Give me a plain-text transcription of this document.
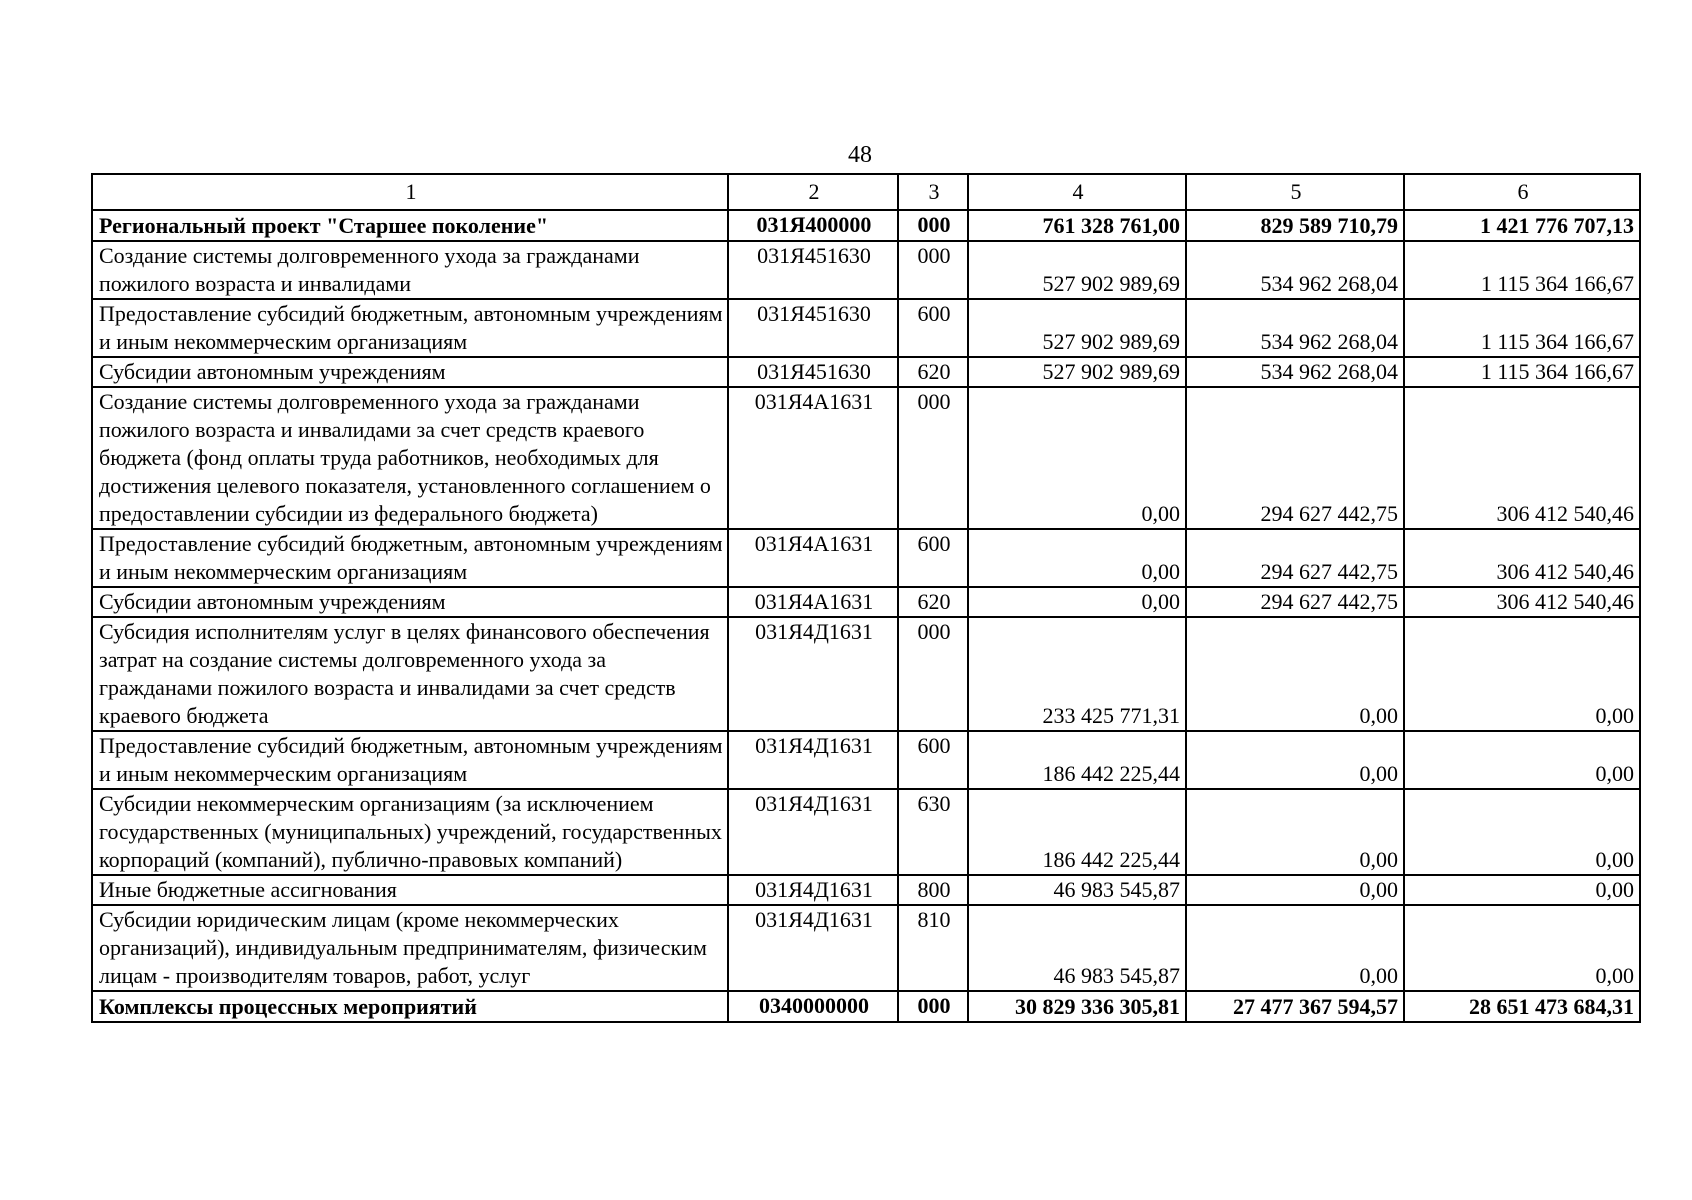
48
1	2	3	4	5	6
Региональный проект "Старшее поколение"	031Я400000	000	761 328 761,00	829 589 710,79	1 421 776 707,13
Создание системы долговременного ухода за гражданами пожилого возраста и инвалидами	031Я451630	000	527 902 989,69	534 962 268,04	1 115 364 166,67
Предоставление субсидий бюджетным, автономным учреждениям и иным некоммерческим организациям	031Я451630	600	527 902 989,69	534 962 268,04	1 115 364 166,67
Субсидии автономным учреждениям	031Я451630	620	527 902 989,69	534 962 268,04	1 115 364 166,67
Создание системы долговременного ухода за гражданами пожилого возраста и инвалидами за счет средств краевого бюджета (фонд оплаты труда работников, необходимых для достижения целевого показателя, установленного соглашением о предоставлении субсидии из федерального бюджета)	031Я4А1631	000	0,00	294 627 442,75	306 412 540,46
Предоставление субсидий бюджетным, автономным учреждениям и иным некоммерческим организациям	031Я4А1631	600	0,00	294 627 442,75	306 412 540,46
Субсидии автономным учреждениям	031Я4А1631	620	0,00	294 627 442,75	306 412 540,46
Субсидия исполнителям услуг в целях финансового обеспечения затрат на создание системы долговременного ухода за гражданами пожилого возраста и инвалидами за счет средств краевого бюджета	031Я4Д1631	000	233 425 771,31	0,00	0,00
Предоставление субсидий бюджетным, автономным учреждениям и иным некоммерческим организациям	031Я4Д1631	600	186 442 225,44	0,00	0,00
Субсидии некоммерческим организациям (за исключением государственных (муниципальных) учреждений, государственных корпораций (компаний), публично-правовых компаний)	031Я4Д1631	630	186 442 225,44	0,00	0,00
Иные бюджетные ассигнования	031Я4Д1631	800	46 983 545,87	0,00	0,00
Субсидии юридическим лицам (кроме некоммерческих организаций), индивидуальным предпринимателям, физическим лицам - производителям товаров, работ, услуг	031Я4Д1631	810	46 983 545,87	0,00	0,00
Комплексы процессных мероприятий	0340000000	000	30 829 336 305,81	27 477 367 594,57	28 651 473 684,31
